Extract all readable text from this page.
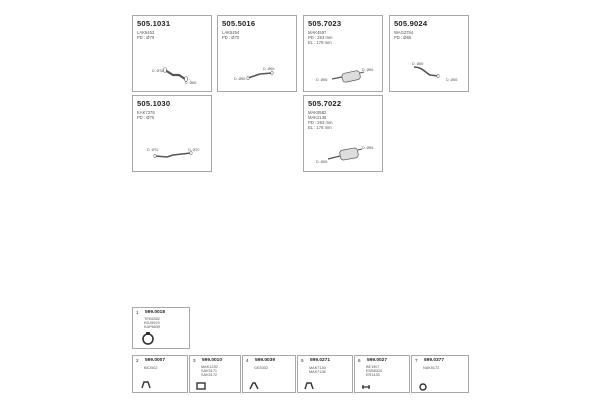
505.1031
LAK5453
PD : Ø70
D. Ø70
D. Ø65
505.5016
LAK5454
PD : Ø70
D. Ø65
D. Ø65
505.7023
MAK4597
PD : 263 mm
EL : 178 mm
D. Ø65
D. Ø65
505.9024
WAG2754
PD : Ø65
D. Ø65
D. Ø65
505.1030
KAK7378
PD : Ø70
D. Ø70	D. Ø70
505.7022
MAK8582
MAK2136
PD : 263 mm
EL : 178 mm
D. Ø65
D. Ø65
1 599.0018
TEK6582
KDJ5929
KAP6839
2 599.0007
BE2502
3 599.0010
MAK1230
SAK5171
SAK5172
4 599.0039
GE5302
5 599.0271
MAK7130
MAK7136
6 599.0027
BE1907
EDB5320
ER1430
7 599.0377
NAK5172
